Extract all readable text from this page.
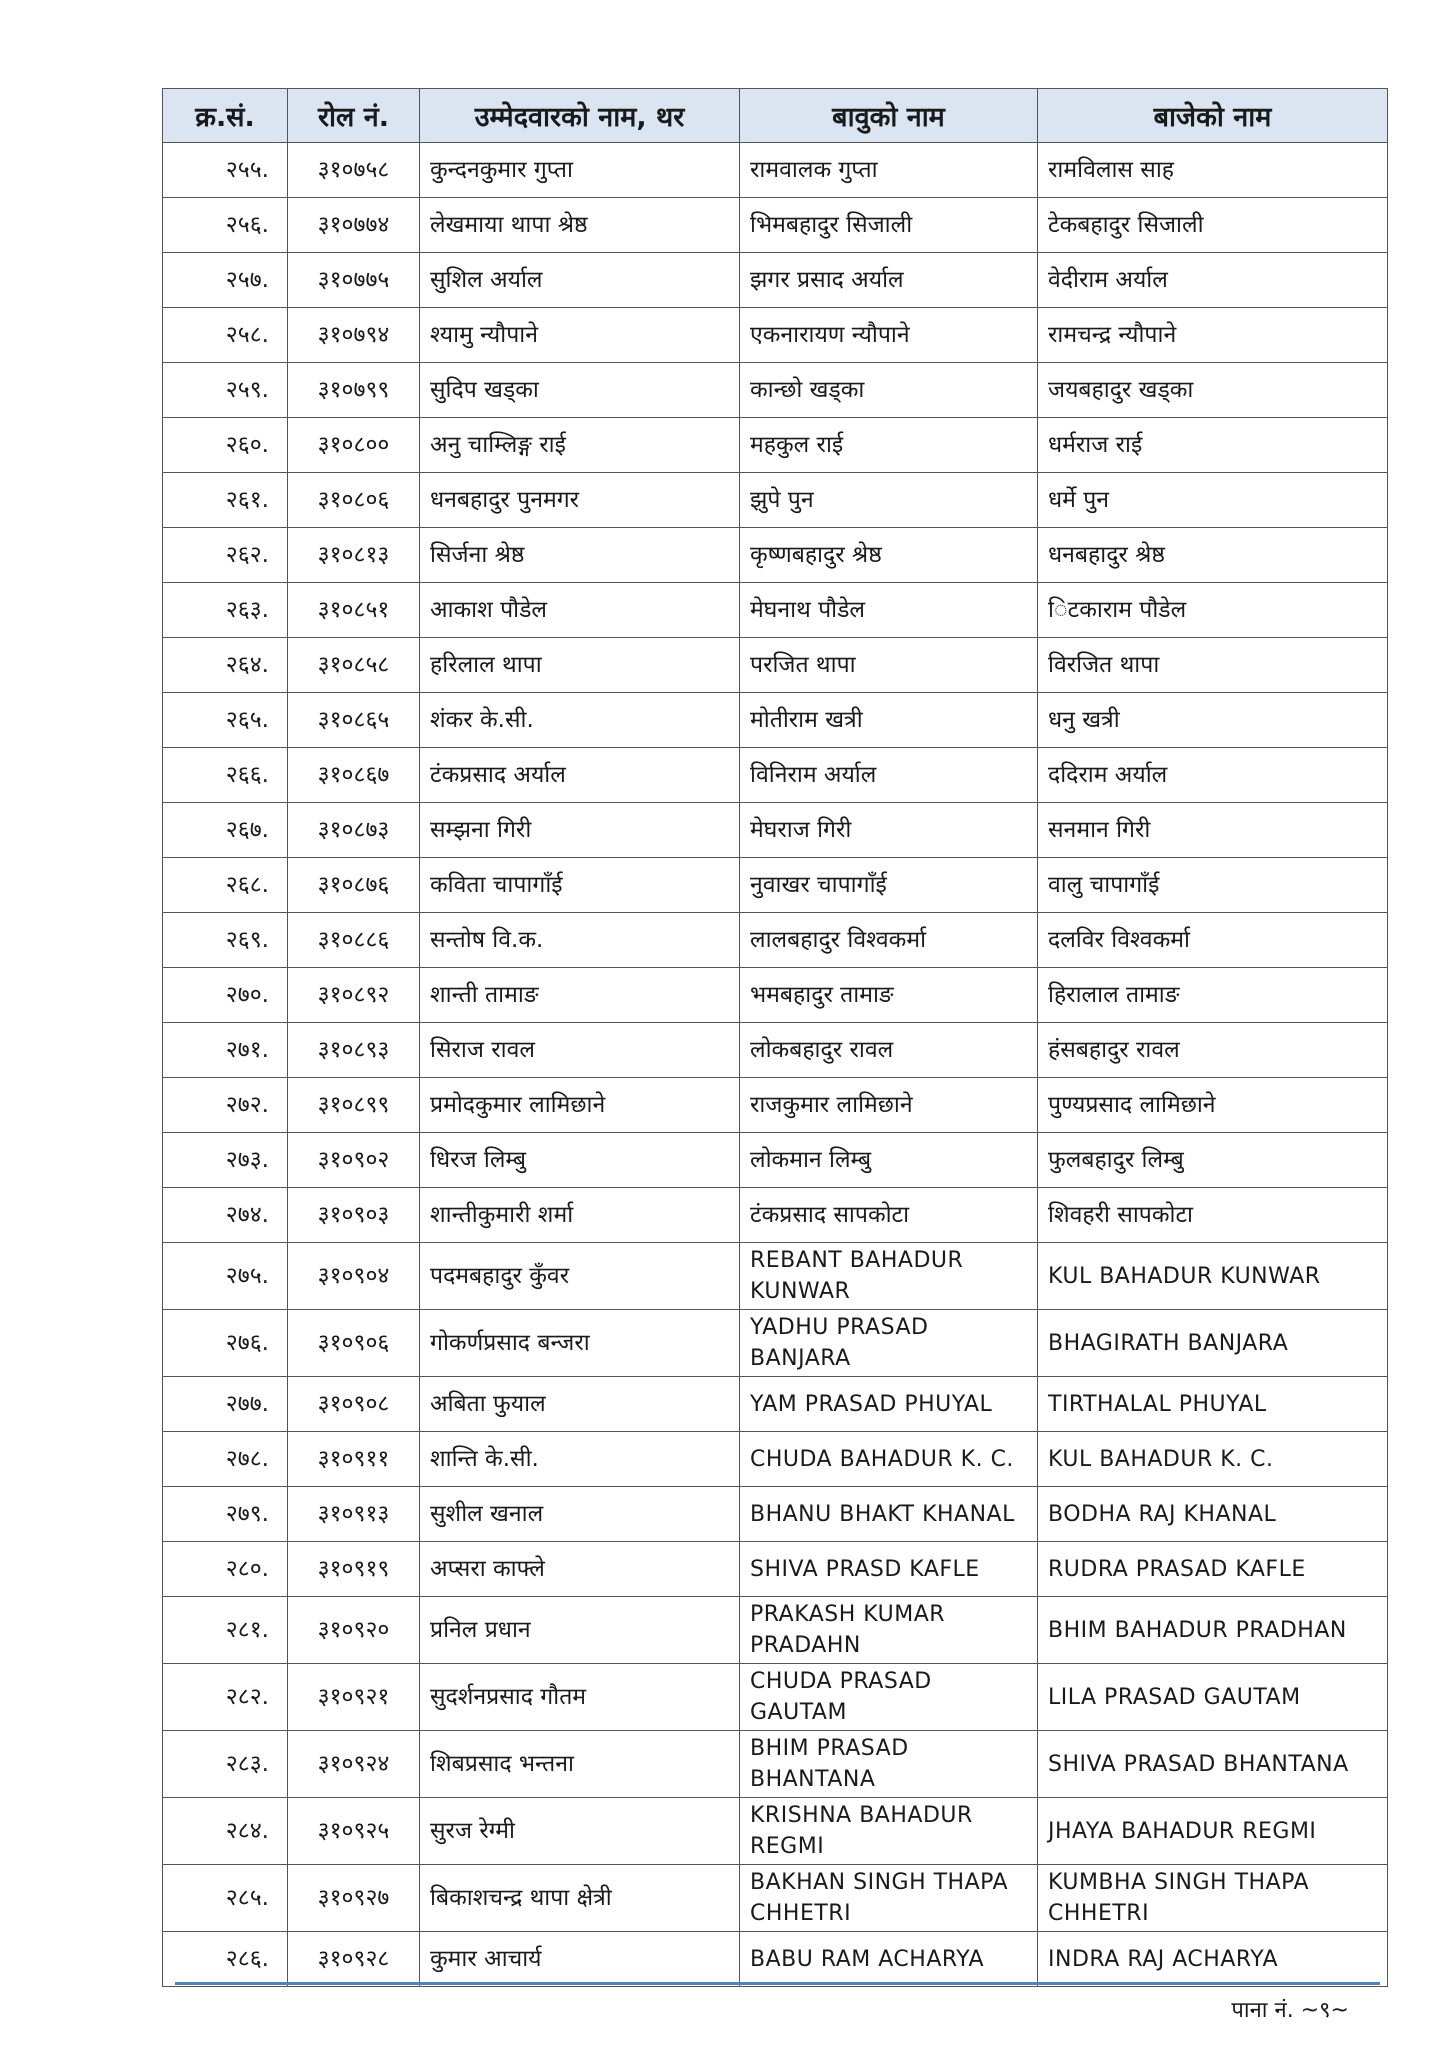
क्र.सं.	रोल नं.	उम्मेदवारको नाम, थर	बावुको नाम	बाजेको नाम
२५५.	३१०७५८	कुन्दनकुमार गुप्ता	रामवालक गुप्ता	रामविलास साह
२५६.	३१०७७४	लेखमाया थापा श्रेष्ठ	भिमबहादुर सिजाली	टेकबहादुर सिजाली
२५७.	३१०७७५	सुशिल अर्याल	झगर प्रसाद अर्याल	वेदीराम अर्याल
२५८.	३१०७९४	श्यामु न्यौपाने	एकनारायण न्यौपाने	रामचन्द्र न्यौपाने
२५९.	३१०७९९	सुदिप खड्का	कान्छो खड्का	जयबहादुर खड्का
२६०.	३१०८००	अनु चाम्लिङ्ग राई	महकुल राई	धर्मराज राई
२६१.	३१०८०६	धनबहादुर पुनमगर	झुपे पुन	धर्मे पुन
२६२.	३१०८१३	सिर्जना श्रेष्ठ	कृष्णबहादुर श्रेष्ठ	धनबहादुर श्रेष्ठ
२६३.	३१०८५१	आकाश पौडेल	मेघनाथ पौडेल	िटकाराम पौडेल
२६४.	३१०८५८	हरिलाल थापा	परजित थापा	विरजित थापा
२६५.	३१०८६५	शंकर के.सी.	मोतीराम खत्री	धनु खत्री
२६६.	३१०८६७	टंकप्रसाद अर्याल	विनिराम अर्याल	ददिराम अर्याल
२६७.	३१०८७३	सम्झना गिरी	मेघराज गिरी	सनमान गिरी
२६८.	३१०८७६	कविता चापागाँई	नुवाखर चापागाँई	वालु चापागाँई
२६९.	३१०८८६	सन्तोष वि.क.	लालबहादुर विश्वकर्मा	दलविर विश्वकर्मा
२७०.	३१०८९२	शान्ती तामाङ	भमबहादुर तामाङ	हिरालाल तामाङ
२७१.	३१०८९३	सिराज रावल	लोकबहादुर रावल	हंसबहादुर रावल
२७२.	३१०८९९	प्रमोदकुमार लामिछाने	राजकुमार लामिछाने	पुण्यप्रसाद लामिछाने
२७३.	३१०९०२	धिरज लिम्बु	लोकमान लिम्बु	फुलबहादुर लिम्बु
२७४.	३१०९०३	शान्तीकुमारी शर्मा	टंकप्रसाद सापकोटा	शिवहरी सापकोटा
२७५.	३१०९०४	पदमबहादुर कुँवर	REBANT BAHADUR KUNWAR	KUL BAHADUR KUNWAR
२७६.	३१०९०६	गोकर्णप्रसाद बन्जरा	YADHU PRASAD BANJARA	BHAGIRATH BANJARA
२७७.	३१०९०८	अबिता फुयाल	YAM PRASAD PHUYAL	TIRTHALAL PHUYAL
२७८.	३१०९११	शान्ति के.सी.	CHUDA BAHADUR K. C.	KUL BAHADUR K. C.
२७९.	३१०९१३	सुशील खनाल	BHANU BHAKT KHANAL	BODHA RAJ KHANAL
२८०.	३१०९१९	अप्सरा काफ्ले	SHIVA PRASD KAFLE	RUDRA PRASAD KAFLE
२८१.	३१०९२०	प्रनिल प्रधान	PRAKASH KUMAR PRADAHN	BHIM BAHADUR PRADHAN
२८२.	३१०९२१	सुदर्शनप्रसाद गौतम	CHUDA PRASAD GAUTAM	LILA PRASAD GAUTAM
२८३.	३१०९२४	शिबप्रसाद भन्तना	BHIM PRASAD BHANTANA	SHIVA PRASAD BHANTANA
२८४.	३१०९२५	सुरज रेग्मी	KRISHNA BAHADUR REGMI	JHAYA BAHADUR REGMI
२८५.	३१०९२७	बिकाशचन्द्र थापा क्षेत्री	BAKHAN SINGH THAPA CHHETRI	KUMBHA SINGH THAPA CHHETRI
२८६.	३१०९२८	कुमार आचार्य	BABU RAM ACHARYA	INDRA RAJ ACHARYA
पाना नं. ~९~
